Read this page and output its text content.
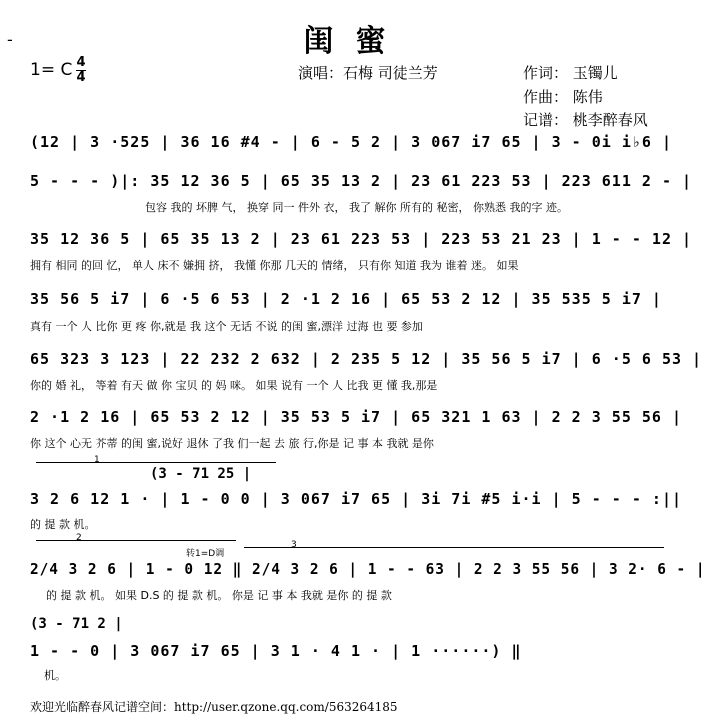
-	闺蜜
1= C 4
4	演唱：石梅 司徒兰芳	作词： 玉镯儿
作曲： 陈伟
记谱： 桃李醉春风
(12 | 3 ·525 | 36 16 #4 - | 6 - 5 2 | 3 067 i7 65 | 3 - 0i i♭6 |
5 - - - )|: 35 12 36 5 | 65 35 13 2 | 23 61 223 53 | 223 611 2 - |
包容 我的 坏脾 气， 换穿 同一 件外 衣， 我了 解你 所有的 秘密， 你熟悉 我的字 迹。
35 12 36 5 | 65 35 13 2 | 23 61 223 53 | 223 53 21 23 | 1 - - 12 |
拥有 相同 的回 忆， 单人 床不 嫌拥 挤， 我懂 你那 几天的 情绪， 只有你 知道 我为 谁着 迷。 如果
35 56 5 i7 | 6 ·5 6 53 | 2 ·1 2 16 | 65 53 2 12 | 35 535 5 i7 |
真有 一个 人 比你 更 疼 你,就是 我 这个 无话 不说 的闺 蜜,漂洋 过海 也 要 参加
65 323 3 123 | 22 232 2 632 | 2 235 5 12 | 35 56 5 i7 | 6 ·5 6 53 |
你的 婚 礼， 等着 有天 做 你 宝贝 的 妈 咪。 如果 说有 一个 人 比我 更 懂 我,那是
2 ·1 2 16 | 65 53 2 12 | 35 53 5 i7 | 65 321 1 63 | 2 2 3 55 56 |
你 这个 心无 芥蒂 的闺 蜜,说好 退休 了我 们一起 去 旅 行,你是 记 事 本 我就 是你
1
(3 - 71 25 |
3 2 6 12 1 · | 1 - 0 0 | 3 067 i7 65 | 3i 7i #5 i·i | 5 - - - :||
的 提 款 机。
2
3
转1=D调
2/4 3 2 6 | 1 - 0 12 ‖ 2/4 3 2 6 | 1 - - 63 | 2 2 3 55 56 | 3 2· 6 - |
的 提 款 机。 如果 D.S 的 提 款 机。 你是 记 事 本 我就 是你 的 提 款
(3 - 71 2 |
1 - - 0 | 3 067 i7 65 | 3 1 · 4 1 · | 1 ······) ‖
机。
欢迎光临醉春风记谱空间：http://user.qzone.qq.com/563264185
